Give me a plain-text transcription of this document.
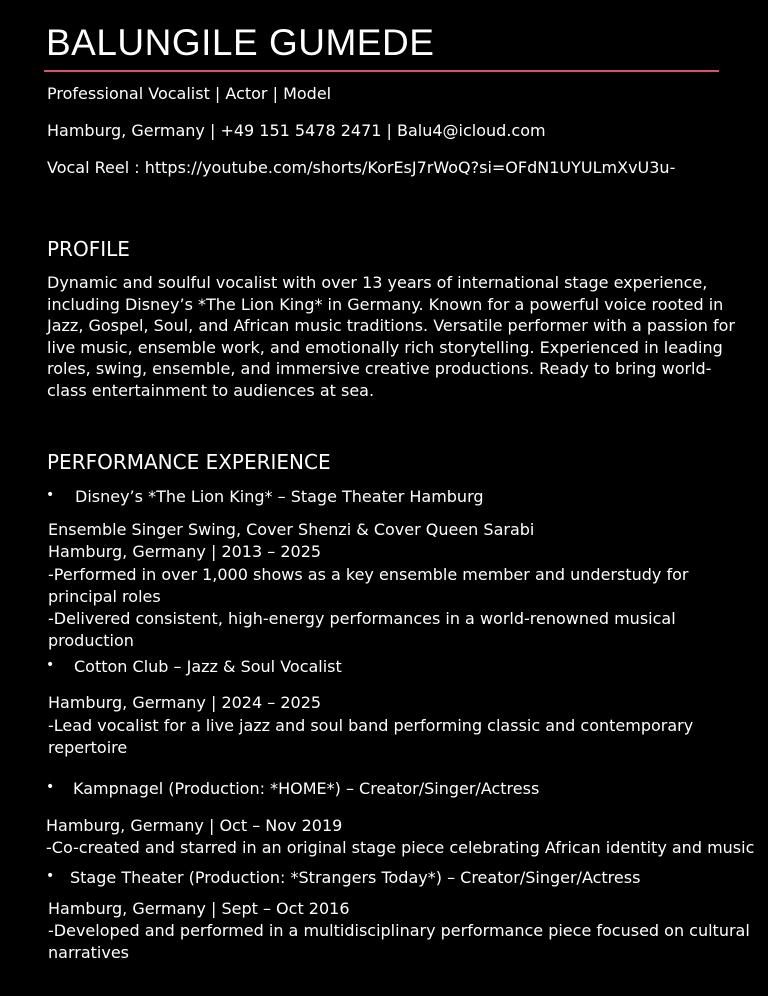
BALUNGILE GUMEDE
Professional Vocalist | Actor | Model
Hamburg, Germany | +49 151 5478 2471 | Balu4@icloud.com
Vocal Reel : https://youtube.com/shorts/KorEsJ7rWoQ?si=OFdN1UYULmXvU3u-
PROFILE
Dynamic and soulful vocalist with over 13 years of international stage experience,
including Disney’s *The Lion King* in Germany. Known for a powerful voice rooted in
Jazz, Gospel, Soul, and African music traditions. Versatile performer with a passion for
live music, ensemble work, and emotionally rich storytelling. Experienced in leading
roles, swing, ensemble, and immersive creative productions. Ready to bring world-
class entertainment to audiences at sea.
PERFORMANCE EXPERIENCE
• Disney’s *The Lion King* – Stage Theater Hamburg
Ensemble Singer Swing, Cover Shenzi & Cover Queen Sarabi
Hamburg, Germany | 2013 – 2025
-Performed in over 1,000 shows as a key ensemble member and understudy for
principal roles
-Delivered consistent, high-energy performances in a world-renowned musical
production
• Cotton Club – Jazz & Soul Vocalist
Hamburg, Germany | 2024 – 2025
-Lead vocalist for a live jazz and soul band performing classic and contemporary
repertoire
• Kampnagel (Production: *HOME*) – Creator/Singer/Actress
Hamburg, Germany | Oct – Nov 2019
-Co-created and starred in an original stage piece celebrating African identity and music
• Stage Theater (Production: *Strangers Today*) – Creator/Singer/Actress
Hamburg, Germany | Sept – Oct 2016
-Developed and performed in a multidisciplinary performance piece focused on cultural
narratives
